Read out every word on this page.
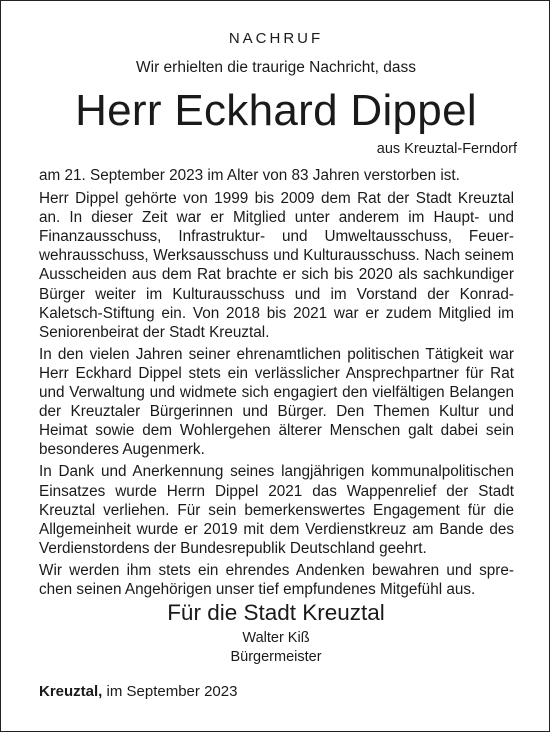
NACHRUF
Wir erhielten die traurige Nachricht, dass
Herr Eckhard Dippel
aus Kreuztal-Ferndorf

am 21. September 2023 im Alter von 83 Jahren verstorben ist.

Herr Dippel gehörte von 1999 bis 2009 dem Rat der Stadt Kreuztal an. In dieser Zeit war er Mitglied unter anderem im Haupt- und Finanzausschuss, Infrastruktur- und Umweltausschuss, Feuerwehrausschuss, Werksausschuss und Kulturausschuss. Nach seinem Ausscheiden aus dem Rat brachte er sich bis 2020 als sachkundiger Bürger weiter im Kulturausschuss und im Vorstand der Konrad-Kaletsch-Stiftung ein. Von 2018 bis 2021 war er zudem Mitglied im Seniorenbeirat der Stadt Kreuztal.

In den vielen Jahren seiner ehrenamtlichen politischen Tätigkeit war Herr Eckhard Dippel stets ein verlässlicher Ansprechpartner für Rat und Verwaltung und widmete sich engagiert den vielfältigen Belangen der Kreuztaler Bürgerinnen und Bürger. Den Themen Kultur und Heimat sowie dem Wohlergehen älterer Menschen galt dabei sein besonderes Augenmerk.

In Dank und Anerkennung seines langjährigen kommunalpolitischen Einsatzes wurde Herrn Dippel 2021 das Wappenrelief der Stadt Kreuztal verliehen. Für sein bemerkenswertes Engagement für die Allgemeinheit wurde er 2019 mit dem Verdienstkreuz am Bande des Verdienstordens der Bundesrepublik Deutschland geehrt.

Wir werden ihm stets ein ehrendes Andenken bewahren und sprechen seinen Angehörigen unser tief empfundenes Mitgefühl aus.

Für die Stadt Kreuztal
Walter Kiß
Bürgermeister
Kreuztal, im September 2023
